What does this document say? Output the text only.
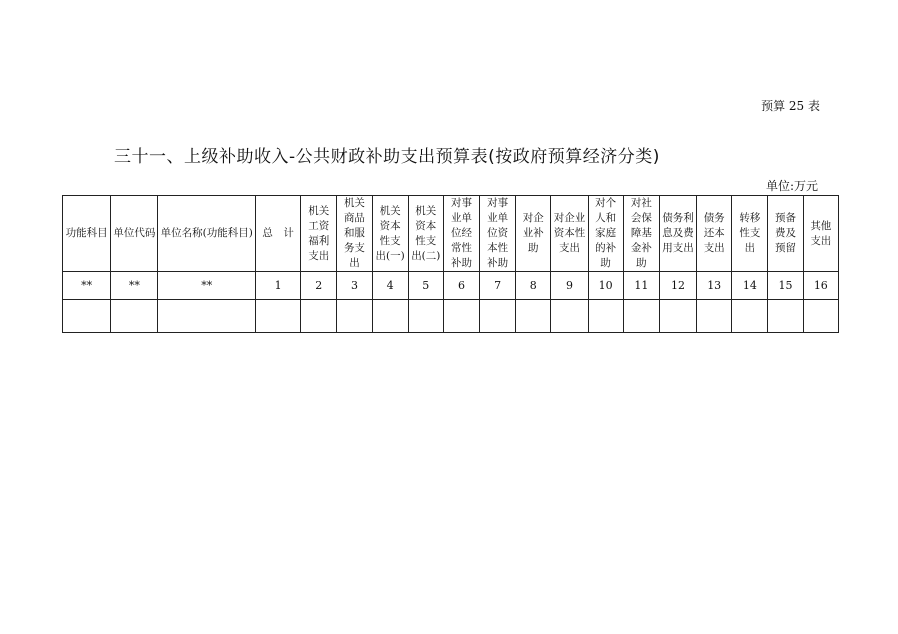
预算 25 表
三十一、上级补助收入-公共财政补助支出预算表(按政府预算经济分类)
单位:万元
功能科目	单位代码	单位名称(功能科目)	总　计	机关工资福利支出	机关商品和服务支出	机关资本性支出(一)	机关资本性支出(二)	对事业单位经常性补助	对事业单位资本性补助	对企业补助	对企业资本性支出	对个人和家庭的补助	对社会保障基金补助	债务利息及费用支出	债务还本支出	转移性支出	预备费及预留	其他支出
**	**	**	1	2	3	4	5	6	7	8	9	10	11	12	13	14	15	16
